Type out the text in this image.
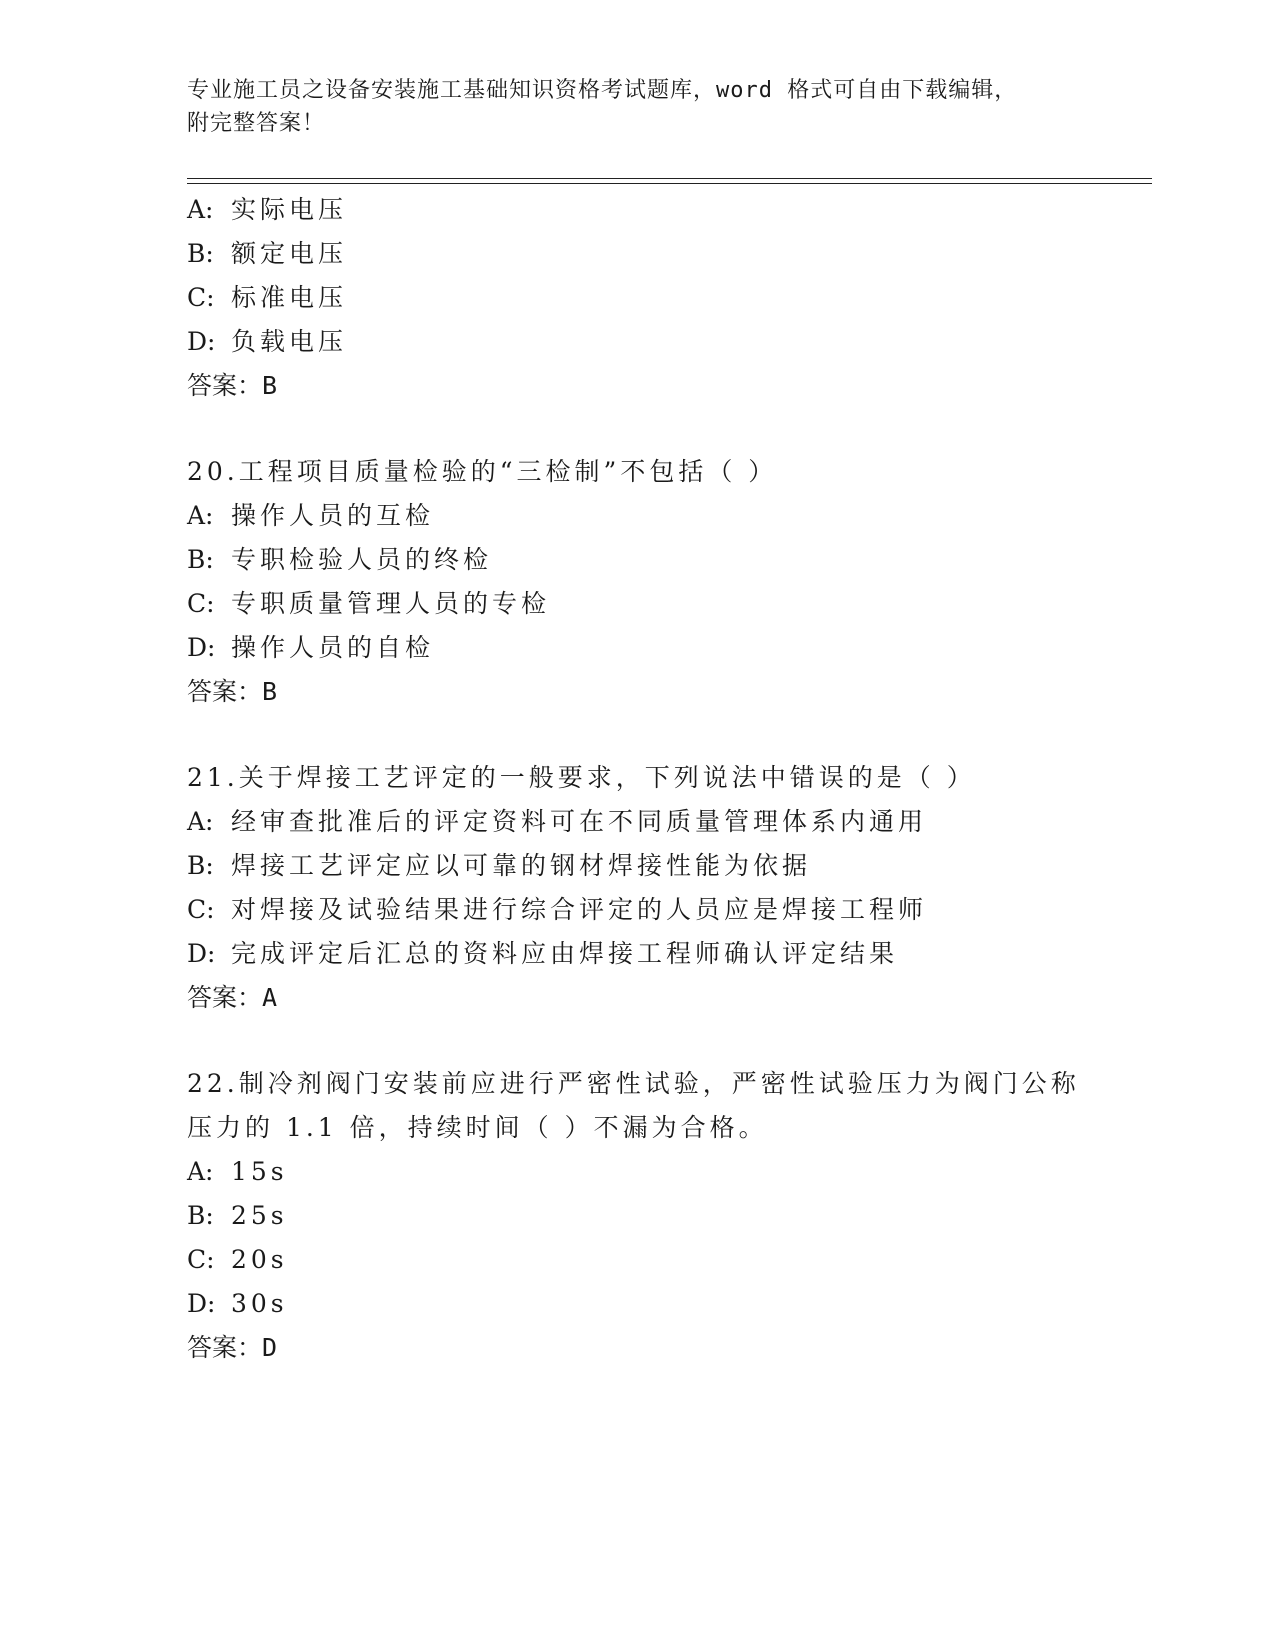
专业施工员之设备安装施工基础知识资格考试题库，word 格式可自由下载编辑，
附完整答案！
A: 实际电压
B: 额定电压
C: 标准电压
D: 负载电压
答案：B
20.工程项目质量检验的“三检制”不包括（ ）
A: 操作人员的互检
B: 专职检验人员的终检
C: 专职质量管理人员的专检
D: 操作人员的自检
答案：B
21.关于焊接工艺评定的一般要求，下列说法中错误的是（ ）
A: 经审查批准后的评定资料可在不同质量管理体系内通用
B: 焊接工艺评定应以可靠的钢材焊接性能为依据
C: 对焊接及试验结果进行综合评定的人员应是焊接工程师
D: 完成评定后汇总的资料应由焊接工程师确认评定结果
答案：A
22.制冷剂阀门安装前应进行严密性试验，严密性试验压力为阀门公称
压力的 1.1 倍，持续时间（ ）不漏为合格。
A: 15s
B: 25s
C: 20s
D: 30s
答案：D
